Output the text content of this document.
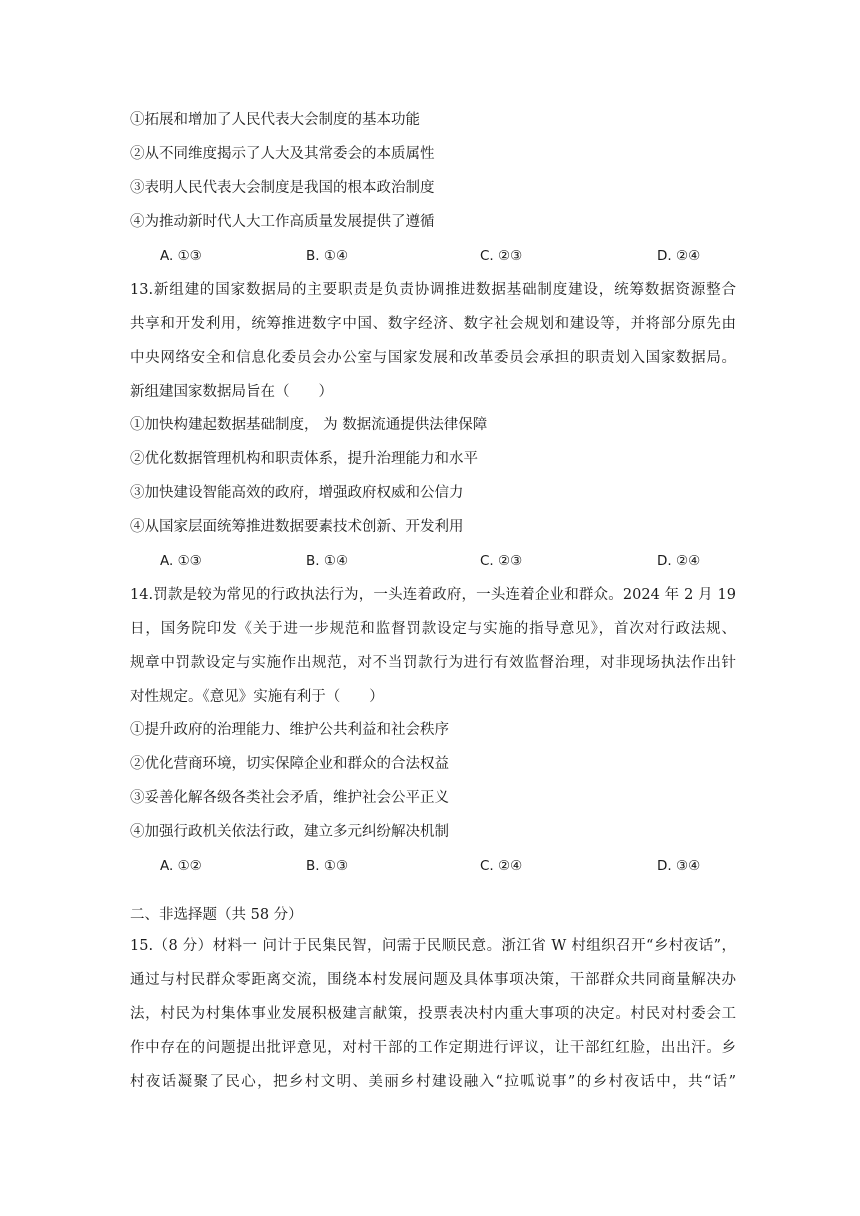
①拓展和增加了人民代表大会制度的基本功能
②从不同维度揭示了人大及其常委会的本质属性
③表明人民代表大会制度是我国的根本政治制度
④为推动新时代人大工作高质量发展提供了遵循
A. ①③	B. ①④	C. ②③	D. ②④
13.新组建的国家数据局的主要职责是负责协调推进数据基础制度建设，统筹数据资源整合
共享和开发利用，统筹推进数字中国、数字经济、数字社会规划和建设等，并将部分原先由
中央网络安全和信息化委员会办公室与国家发展和改革委员会承担的职责划入国家数据局。
新组建国家数据局旨在（　　）
①加快构建起数据基础制度， 为 数据流通提供法律保障
②优化数据管理机构和职责体系，提升治理能力和水平
③加快建设智能高效的政府，增强政府权威和公信力
④从国家层面统筹推进数据要素技术创新、开发利用
A. ①③	B. ①④	C. ②③	D. ②④
14.罚款是较为常见的行政执法行为，一头连着政府，一头连着企业和群众。2024 年 2 月 19
日，国务院印发《关于进一步规范和监督罚款设定与实施的指导意见》，首次对行政法规、
规章中罚款设定与实施作出规范，对不当罚款行为进行有效监督治理，对非现场执法作出针
对性规定。《意见》实施有利于（　　）
①提升政府的治理能力、维护公共利益和社会秩序
②优化营商环境，切实保障企业和群众的合法权益
③妥善化解各级各类社会矛盾，维护社会公平正义
④加强行政机关依法行政，建立多元纠纷解决机制
A. ①②	B. ①③	C. ②④	D. ③④
二、非选择题（共 58 分）
15.（8 分）材料一 问计于民集民智，问需于民顺民意。浙江省 W 村组织召开“乡村夜话”，
通过与村民群众零距离交流，围绕本村发展问题及具体事项决策，干部群众共同商量解决办
法，村民为村集体事业发展积极建言献策，投票表决村内重大事项的决定。村民对村委会工
作中存在的问题提出批评意见，对村干部的工作定期进行评议，让干部红红脸，出出汗。乡
村夜话凝聚了民心，把乡村文明、美丽乡村建设融入“拉呱说事”的乡村夜话中，共“话”
